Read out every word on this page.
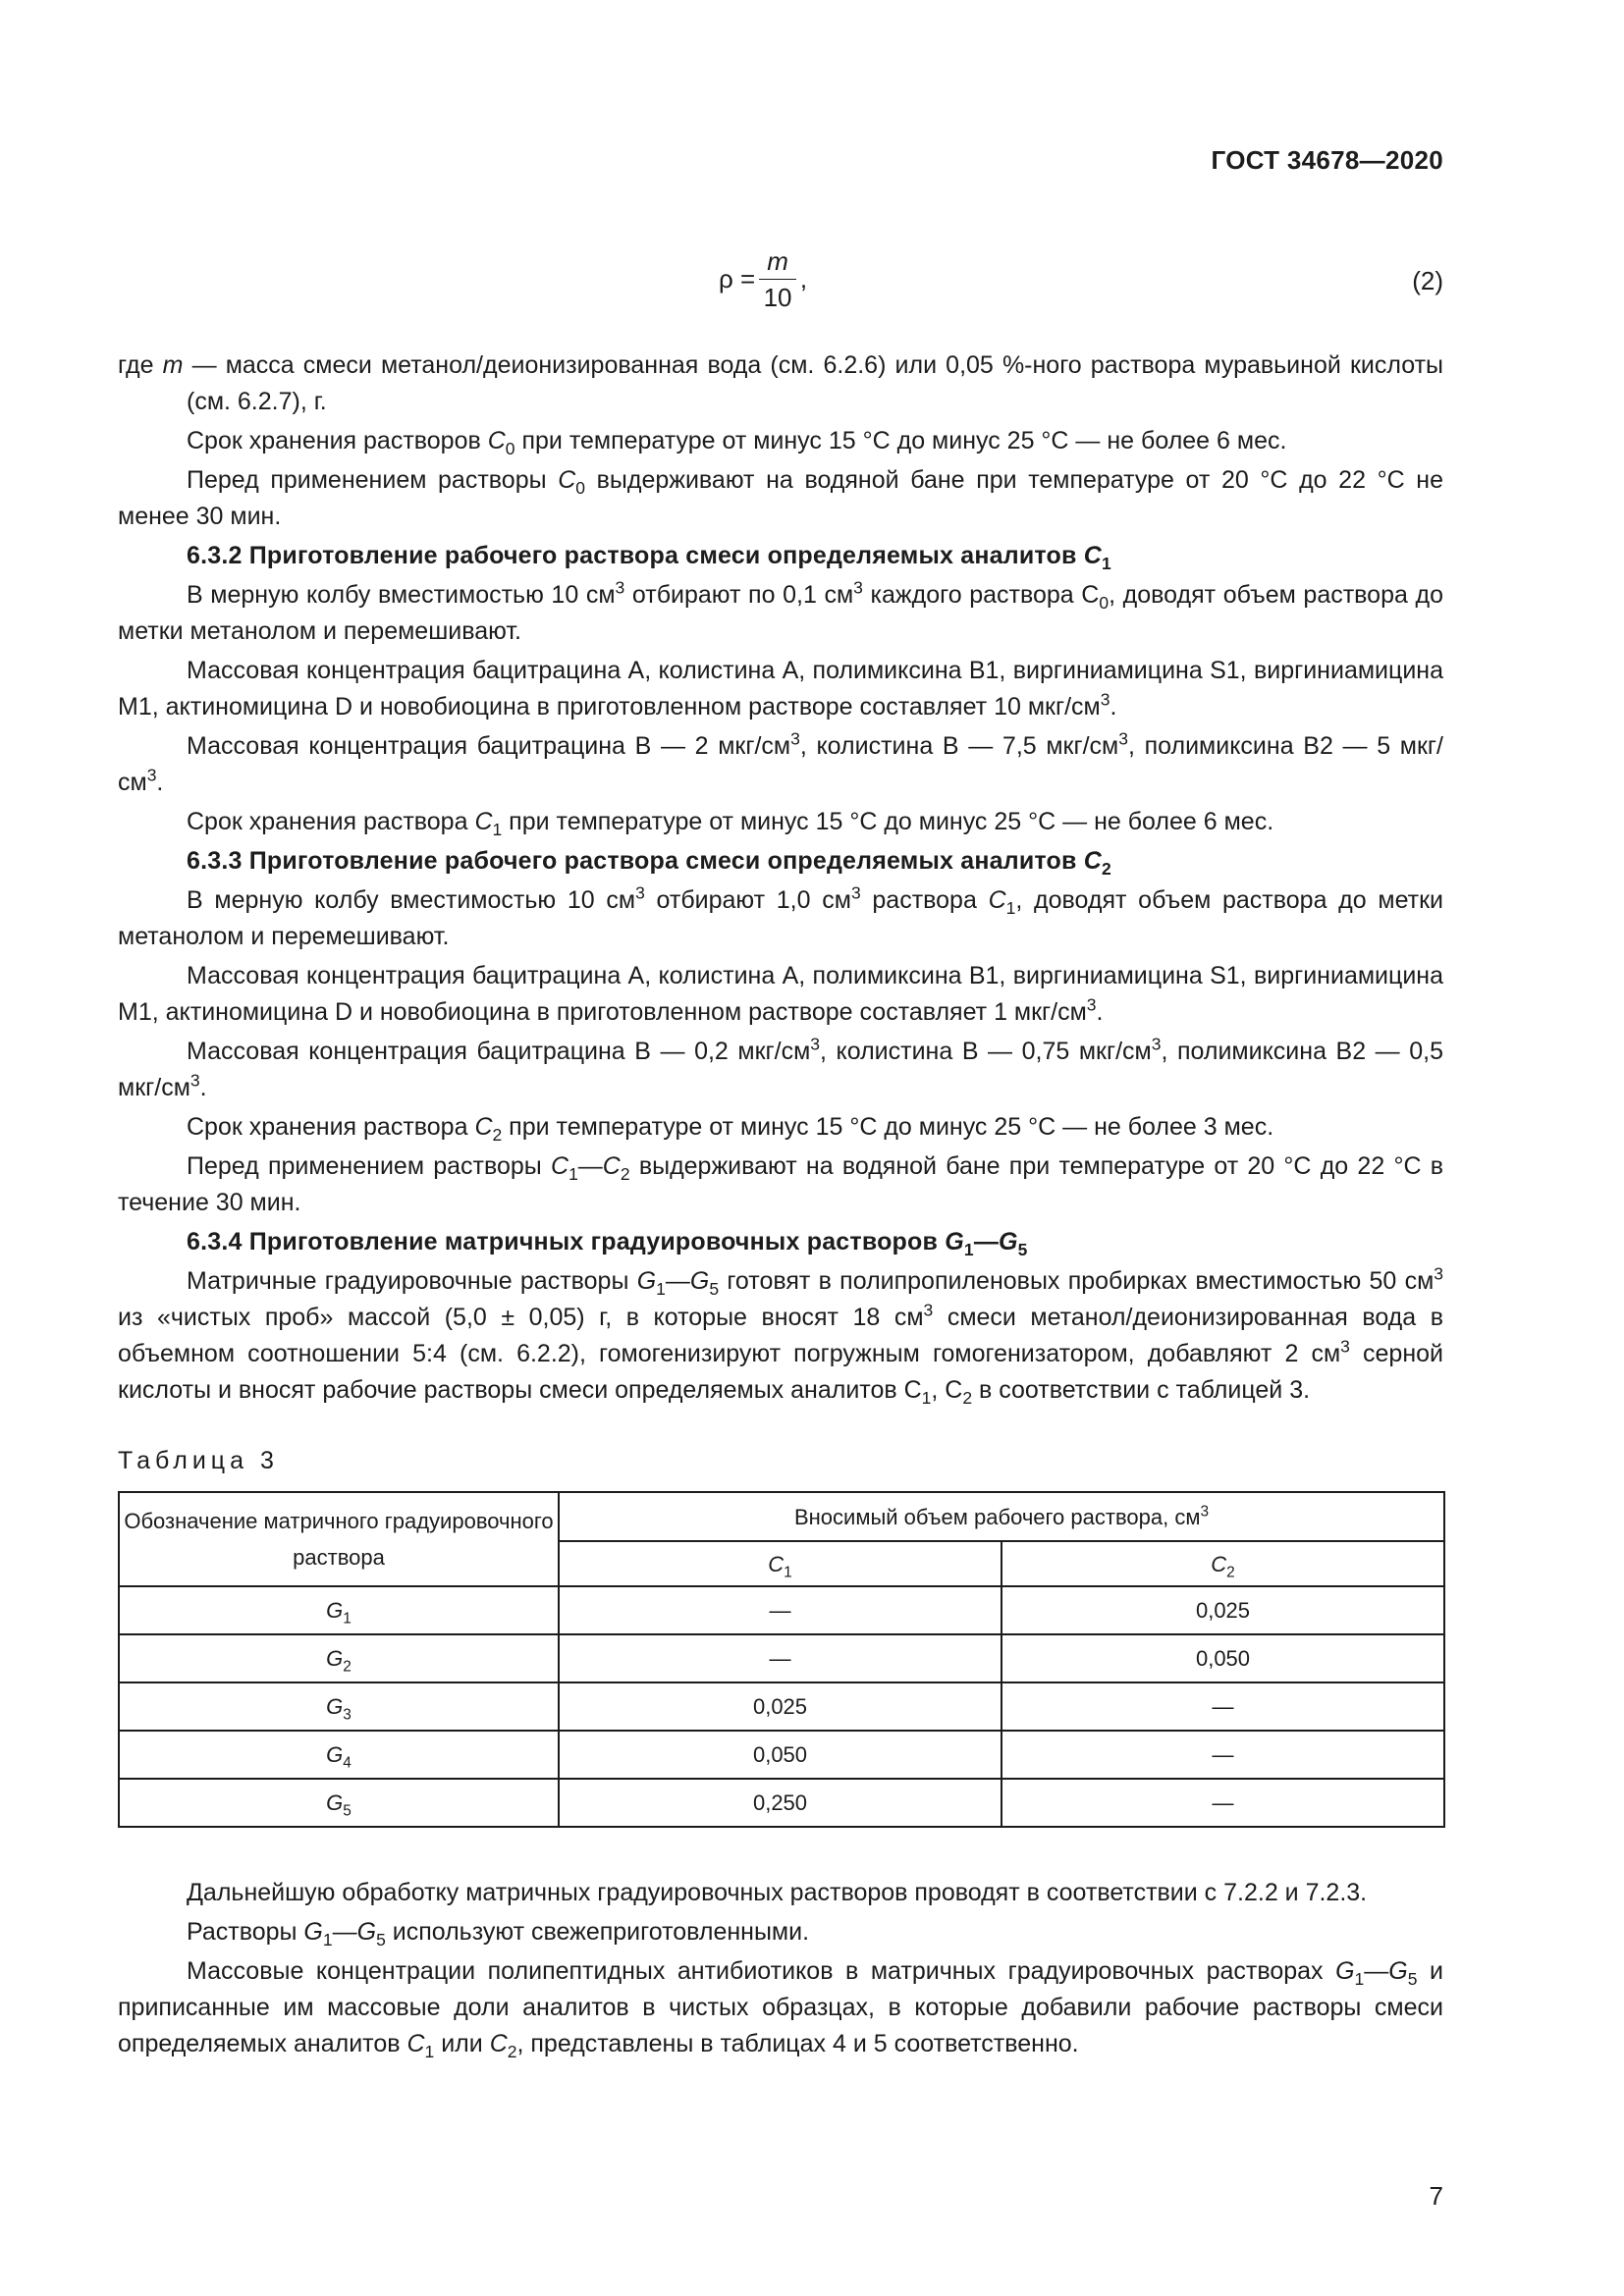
ГОСТ 34678—2020
$\rho = \frac{m}{10}$ ,	(2)

где m — масса смеси метанол/деионизированная вода (см. 6.2.6) или 0,05 %-ного раствора муравьиной кислоты (см. 6.2.7), г.

Срок хранения растворов $C_0$ при температуре от минус 15 °С до минус 25 °С — не более 6 мес.

Перед применением растворы $C_0$ выдерживают на водяной бане при температуре от 20 °С до 22 °С не менее 30 мин.

6.3.2 Приготовление рабочего раствора смеси определяемых аналитов $C_1$

В мерную колбу вместимостью 10 $см^3$ отбирают по 0,1 $см^3$ каждого раствора $С_0$, доводят объем раствора до метки метанолом и перемешивают.

Массовая концентрация бацитрацина А, колистина А, полимиксина В1, виргиниамицина S1, виргиниамицина М1, актиномицина D и новобиоцина в приготовленном растворе составляет 10 мкг/$см^3$.

Массовая концентрация бацитрацина В — 2 мкг/$см^3$, колистина В — 7,5 мкг/$см^3$, полимиксина В2 — 5 мкг/$см^3$.

Срок хранения раствора $C_1$ при температуре от минус 15 °С до минус 25 °С — не более 6 мес.

6.3.3 Приготовление рабочего раствора смеси определяемых аналитов $C_2$

В мерную колбу вместимостью 10 $см^3$ отбирают 1,0 $см^3$ раствора $C_1$, доводят объем раствора до метки метанолом и перемешивают.

Массовая концентрация бацитрацина А, колистина А, полимиксина В1, виргиниамицина S1, виргиниамицина М1, актиномицина D и новобиоцина в приготовленном растворе составляет 1 мкг/$см^3$.

Массовая концентрация бацитрацина В — 0,2 мкг/$см^3$, колистина В — 0,75 мкг/$см^3$, полимиксина В2 — 0,5 мкг/$см^3$.

Срок хранения раствора $C_2$ при температуре от минус 15 °С до минус 25 °С — не более 3 мес.

Перед применением растворы $C_1—C_2$ выдерживают на водяной бане при температуре от 20 °С до 22 °С в течение 30 мин.

6.3.4 Приготовление матричных градуировочных растворов $G_1—G_5$

Матричные градуировочные растворы $G_1—G_5$ готовят в полипропиленовых пробирках вместимостью 50 $см^3$ из «чистых проб» массой (5,0 ± 0,05) г, в которые вносят 18 $см^3$ смеси метанол/деионизированная вода в объемном соотношении 5:4 (см. 6.2.2), гомогенизируют погружным гомогенизатором, добавляют 2 $см^3$ серной кислоты и вносят рабочие растворы смеси определяемых аналитов $С_1$, $С_2$ в соответствии с таблицей 3.

Таблица 3
Обозначение матричного градуировочного раствора	Вносимый объем рабочего раствора, $см^3$
	$C_1$	$C_2$
$G_1$	—	0,025
$G_2$	—	0,050
$G_3$	0,025	—
$G_4$	0,050	—
$G_5$	0,250	—

Дальнейшую обработку матричных градуировочных растворов проводят в соответствии с 7.2.2 и 7.2.3.

Растворы $G_1—G_5$ используют свежеприготовленными.

Массовые концентрации полипептидных антибиотиков в матричных градуировочных растворах $G_1—G_5$ и приписанные им массовые доли аналитов в чистых образцах, в которые добавили рабочие растворы смеси определяемых аналитов $C_1$ или $C_2$, представлены в таблицах 4 и 5 соответственно.

7
